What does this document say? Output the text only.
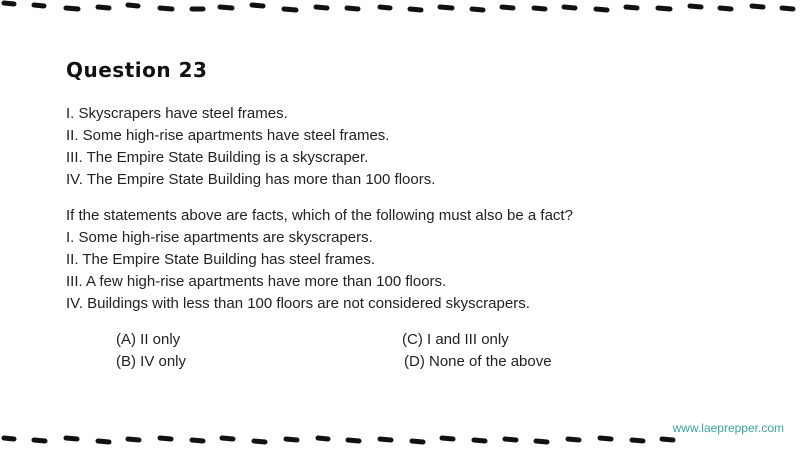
Question 23
I. Skyscrapers have steel frames.
II. Some high-rise apartments have steel frames.
III. The Empire State Building is a skyscraper.
IV. The Empire State Building has more than 100 floors.
If the statements above are facts, which of the following must also be a fact?
I. Some high-rise apartments are skyscrapers.
II. The Empire State Building has steel frames.
III. A few high-rise apartments have more than 100 floors.
IV. Buildings with less than 100 floors are not considered skyscrapers.
(A) II only
(B) IV only
(C) I and III only
(D) None of the above
www.laeprepper.com
